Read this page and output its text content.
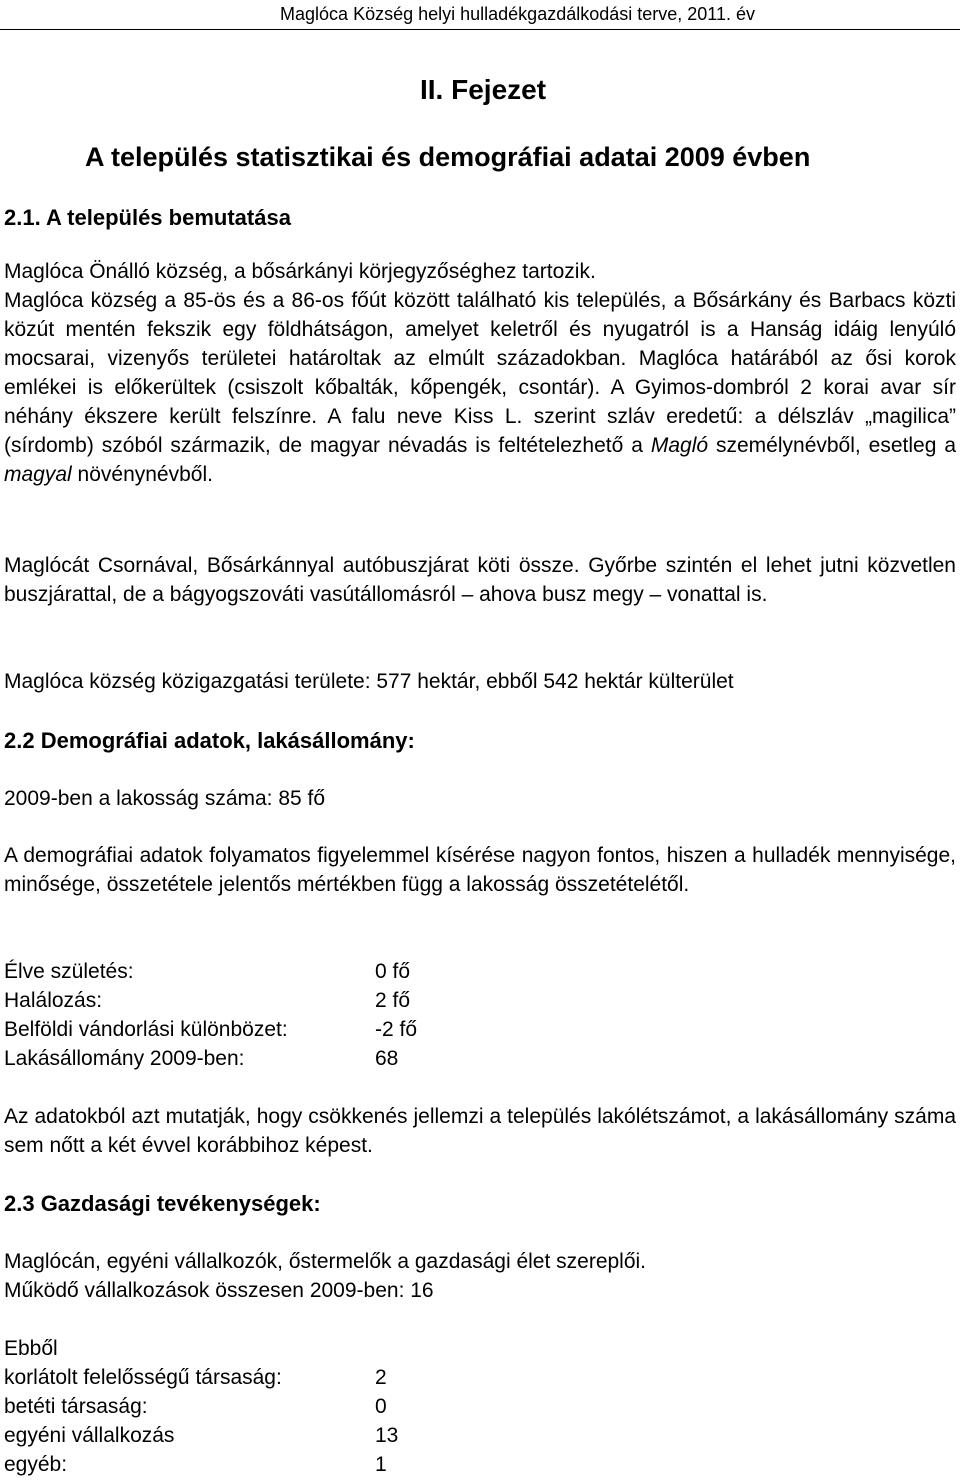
Maglóca Község helyi hulladékgazdálkodási terve, 2011. év
II. Fejezet
A település statisztikai és demográfiai adatai 2009 évben
2.1. A település bemutatása

Maglóca Önálló község, a bősárkányi körjegyzőséghez tartozik.

Maglóca község a 85-ös és a 86-os főút között található kis település, a Bősárkány és Barbacs közti közút mentén fekszik egy földhátságon, amelyet keletről és nyugatról is a Hanság idáig lenyúló mocsarai, vizenyős területei határoltak az elmúlt századokban. Maglóca határából az ősi korok emlékei is előkerültek (csiszolt kőbalták, kőpengék, csontár). A Gyimos-dombról 2 korai avar sír néhány ékszere került felszínre. A falu neve Kiss L. szerint szláv eredetű: a délszláv „magilica” (sírdomb) szóból származik, de magyar névadás is feltételezhető a Magló személynévből, esetleg a magyal növénynévből.

Maglócát Csornával, Bősárkánnyal autóbuszjárat köti össze. Győrbe szintén el lehet jutni közvetlen buszjárattal, de a bágyogszováti vasútállomásról – ahova busz megy – vonattal is.

Maglóca község közigazgatási területe: 577 hektár, ebből 542 hektár külterület

2.2 Demográfiai adatok, lakásállomány:
2009-ben a lakosság száma: 85 fő

A demográfiai adatok folyamatos figyelemmel kísérése nagyon fontos, hiszen a hulladék mennyisége, minősége, összetétele jelentős mértékben függ a lakosság összetételétől.

Élve születés:	0 fő
Halálozás:	2 fő
Belföldi vándorlási különbözet:	-2 fő
Lakásállomány 2009-ben:	68

Az adatokból azt mutatják, hogy csökkenés jellemzi a település lakólétszámot, a lakásállomány száma sem nőtt a két évvel korábbihoz képest.

2.3 Gazdasági tevékenységek:

Maglócán, egyéni vállalkozók, őstermelők a gazdasági élet szereplői.

Működő vállalkozások összesen 2009-ben: 16

Ebből
korlátolt felelősségű társaság:	2
betéti társaság:	0
egyéni vállalkozás	13
egyéb:	1
